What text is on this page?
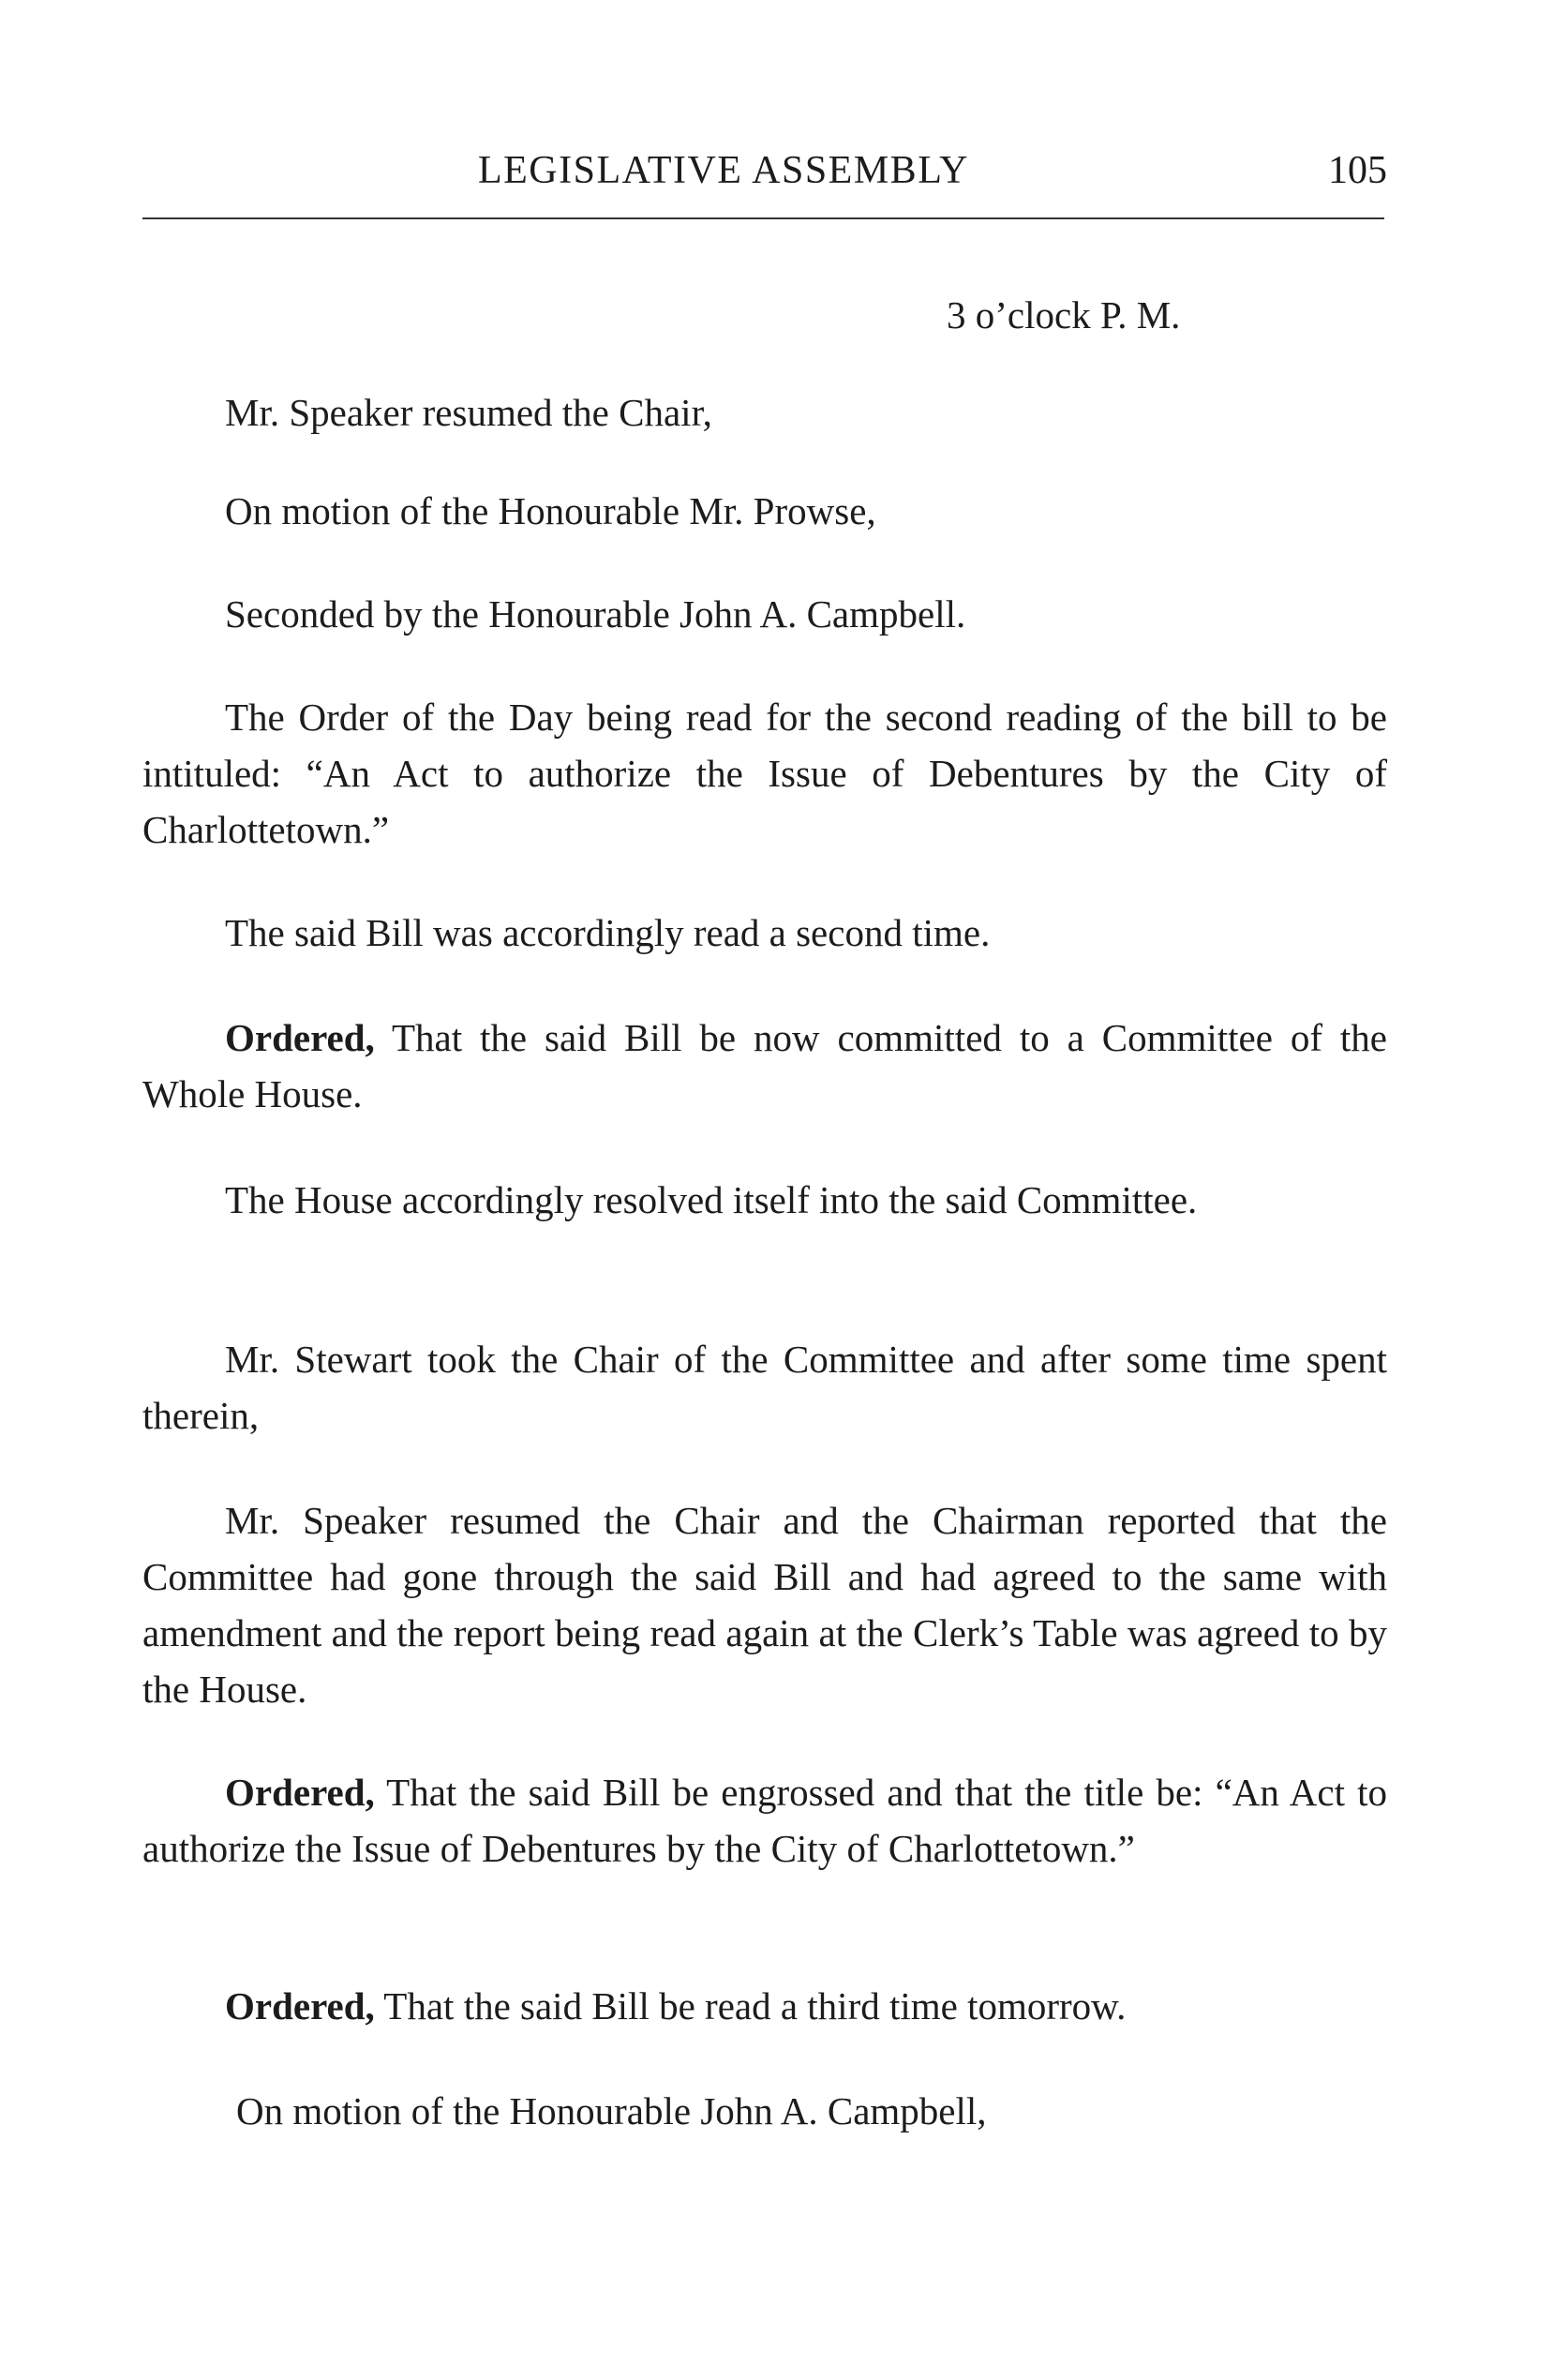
LEGISLATIVE ASSEMBLY	105
3 o’clock P. M.

Mr. Speaker resumed the Chair,

On motion of the Honourable Mr. Prowse,

Seconded by the Honourable John A. Campbell.

The Order of the Day being read for the second reading of the bill to be intituled: “An Act to authorize the Issue of Debentures by the City of Charlottetown.”

The said Bill was accordingly read a second time.

Ordered, That the said Bill be now committed to a Committee of the Whole House.

The House accordingly resolved itself into the said Committee.

Mr. Stewart took the Chair of the Committee and after some time spent therein,

Mr. Speaker resumed the Chair and the Chairman reported that the Committee had gone through the said Bill and had agreed to the same with amendment and the report being read again at the Clerk’s Table was agreed to by the House.

Ordered, That the said Bill be engrossed and that the title be: “An Act to authorize the Issue of Debentures by the City of Charlottetown.”

Ordered, That the said Bill be read a third time tomorrow.

On motion of the Honourable John A. Campbell,
